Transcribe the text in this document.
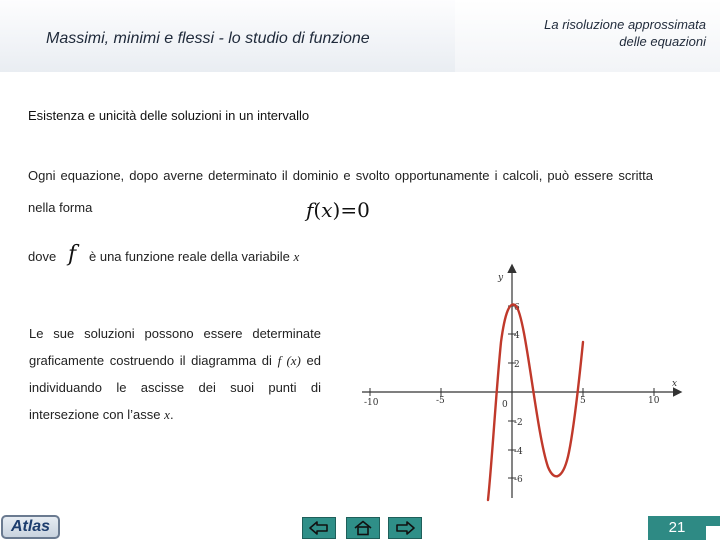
Massimi, minimi e flessi - lo studio di funzione
La risoluzione approssimata
delle equazioni
Esistenza e unicità delle soluzioni in un intervallo
Ogni equazione, dopo averne determinato il dominio e svolto opportunamente i calcoli, può essere scritta nella forma	f(x)=0
dove f è una funzione reale della variabile x
Le sue soluzioni possono essere determinate graficamente costruendo il diagramma di f (x) ed individuando le ascisse dei suoi punti di intersezione con l’asse x.
-10	-5	0	5	10
6
4
2
-2
-4
-6
x
y
Atlas	21
